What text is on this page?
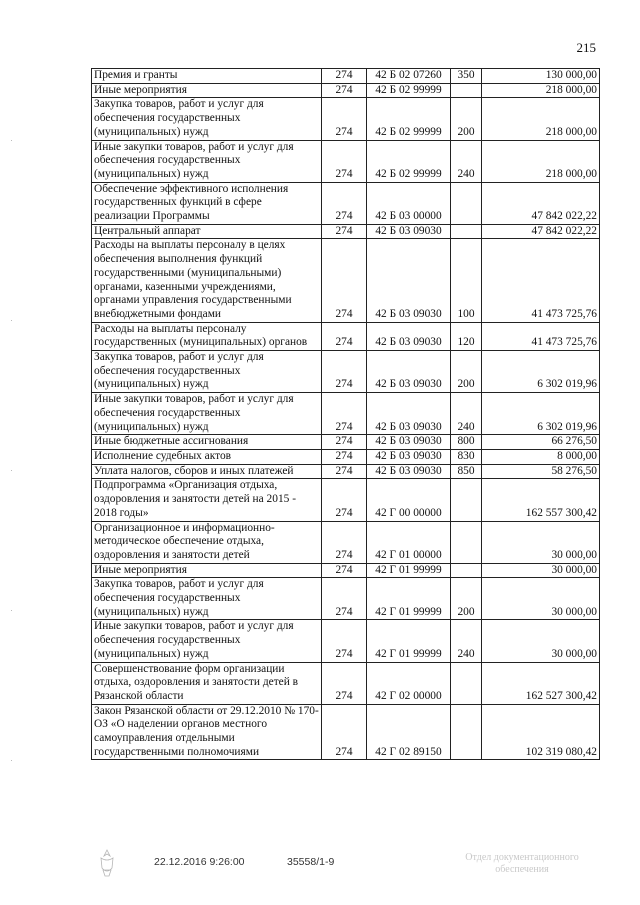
215
Премия и гранты	274	42 Б 02 07260	350	130 000,00
Иные мероприятия	274	42 Б 02 99999		218 000,00
Закупка товаров, работ и услуг для обеспечения государственных (муниципальных) нужд	274	42 Б 02 99999	200	218 000,00
Иные закупки товаров, работ и услуг для обеспечения государственных (муниципальных) нужд	274	42 Б 02 99999	240	218 000,00
Обеспечение эффективного исполнения государственных функций в сфере реализации Программы	274	42 Б 03 00000		47 842 022,22
Центральный аппарат	274	42 Б 03 09030		47 842 022,22
Расходы на выплаты персоналу в целях обеспечения выполнения функций государственными (муниципальными) органами, казенными учреждениями, органами управления государственными внебюджетными фондами	274	42 Б 03 09030	100	41 473 725,76
Расходы на выплаты персоналу государственных (муниципальных) органов	274	42 Б 03 09030	120	41 473 725,76
Закупка товаров, работ и услуг для обеспечения государственных (муниципальных) нужд	274	42 Б 03 09030	200	6 302 019,96
Иные закупки товаров, работ и услуг для обеспечения государственных (муниципальных) нужд	274	42 Б 03 09030	240	6 302 019,96
Иные бюджетные ассигнования	274	42 Б 03 09030	800	66 276,50
Исполнение судебных актов	274	42 Б 03 09030	830	8 000,00
Уплата налогов, сборов и иных платежей	274	42 Б 03 09030	850	58 276,50
Подпрограмма «Организация отдыха, оздоровления и занятости детей на 2015 - 2018 годы»	274	42 Г 00 00000		162 557 300,42
Организационное и информационно-методическое обеспечение отдыха, оздоровления и занятости детей	274	42 Г 01 00000		30 000,00
Иные мероприятия	274	42 Г 01 99999		30 000,00
Закупка товаров, работ и услуг для обеспечения государственных (муниципальных) нужд	274	42 Г 01 99999	200	30 000,00
Иные закупки товаров, работ и услуг для обеспечения государственных (муниципальных) нужд	274	42 Г 01 99999	240	30 000,00
Совершенствование форм организации отдыха, оздоровления и занятости детей в Рязанской области	274	42 Г 02 00000		162 527 300,42
Закон Рязанской области от 29.12.2010 № 170-ОЗ «О наделении органов местного самоуправления отдельными государственными полномочиями	274	42 Г 02 89150		102 319 080,42
22.12.2016 9:26:00	35558/1-9	Отдел документационного обеспечения
